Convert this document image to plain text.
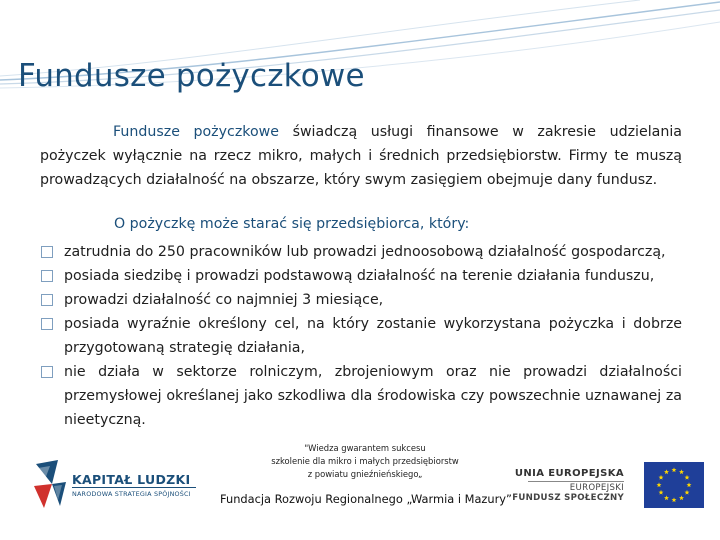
Fundusze pożyczkowe
Fundusze pożyczkowe świadczą usługi finansowe w zakresie udzielania pożyczek wyłącznie na rzecz mikro, małych i średnich przedsiębiorstw. Firmy te muszą prowadzących działalność na obszarze, który swym zasięgiem obejmuje dany fundusz.
O pożyczkę może starać się przedsiębiorca, który:
zatrudnia do 250 pracowników lub prowadzi jednoosobową działalność gospodarczą,
posiada siedzibę i prowadzi podstawową działalność na terenie działania funduszu,
prowadzi działalność co najmniej 3 miesiące,
posiada wyraźnie określony cel, na który zostanie wykorzystana pożyczka i dobrze przygotowaną strategię działania,
nie działa w sektorze rolniczym, zbrojeniowym oraz nie prowadzi działalności przemysłowej określanej jako szkodliwa dla środowiska czy powszechnie uznawanej za nieetyczną.
KAPITAŁ LUDZKI
NARODOWA STRATEGIA SPÓJNOŚCI
"Wiedza gwarantem sukcesu
szkolenie dla mikro i małych przedsiębiorstw
z powiatu gnieźnieńskiego„
Fundacja Rozwoju Regionalnego „Warmia i Mazury”
UNIA EUROPEJSKA
EUROPEJSKI
FUNDUSZ SPOŁECZNY
